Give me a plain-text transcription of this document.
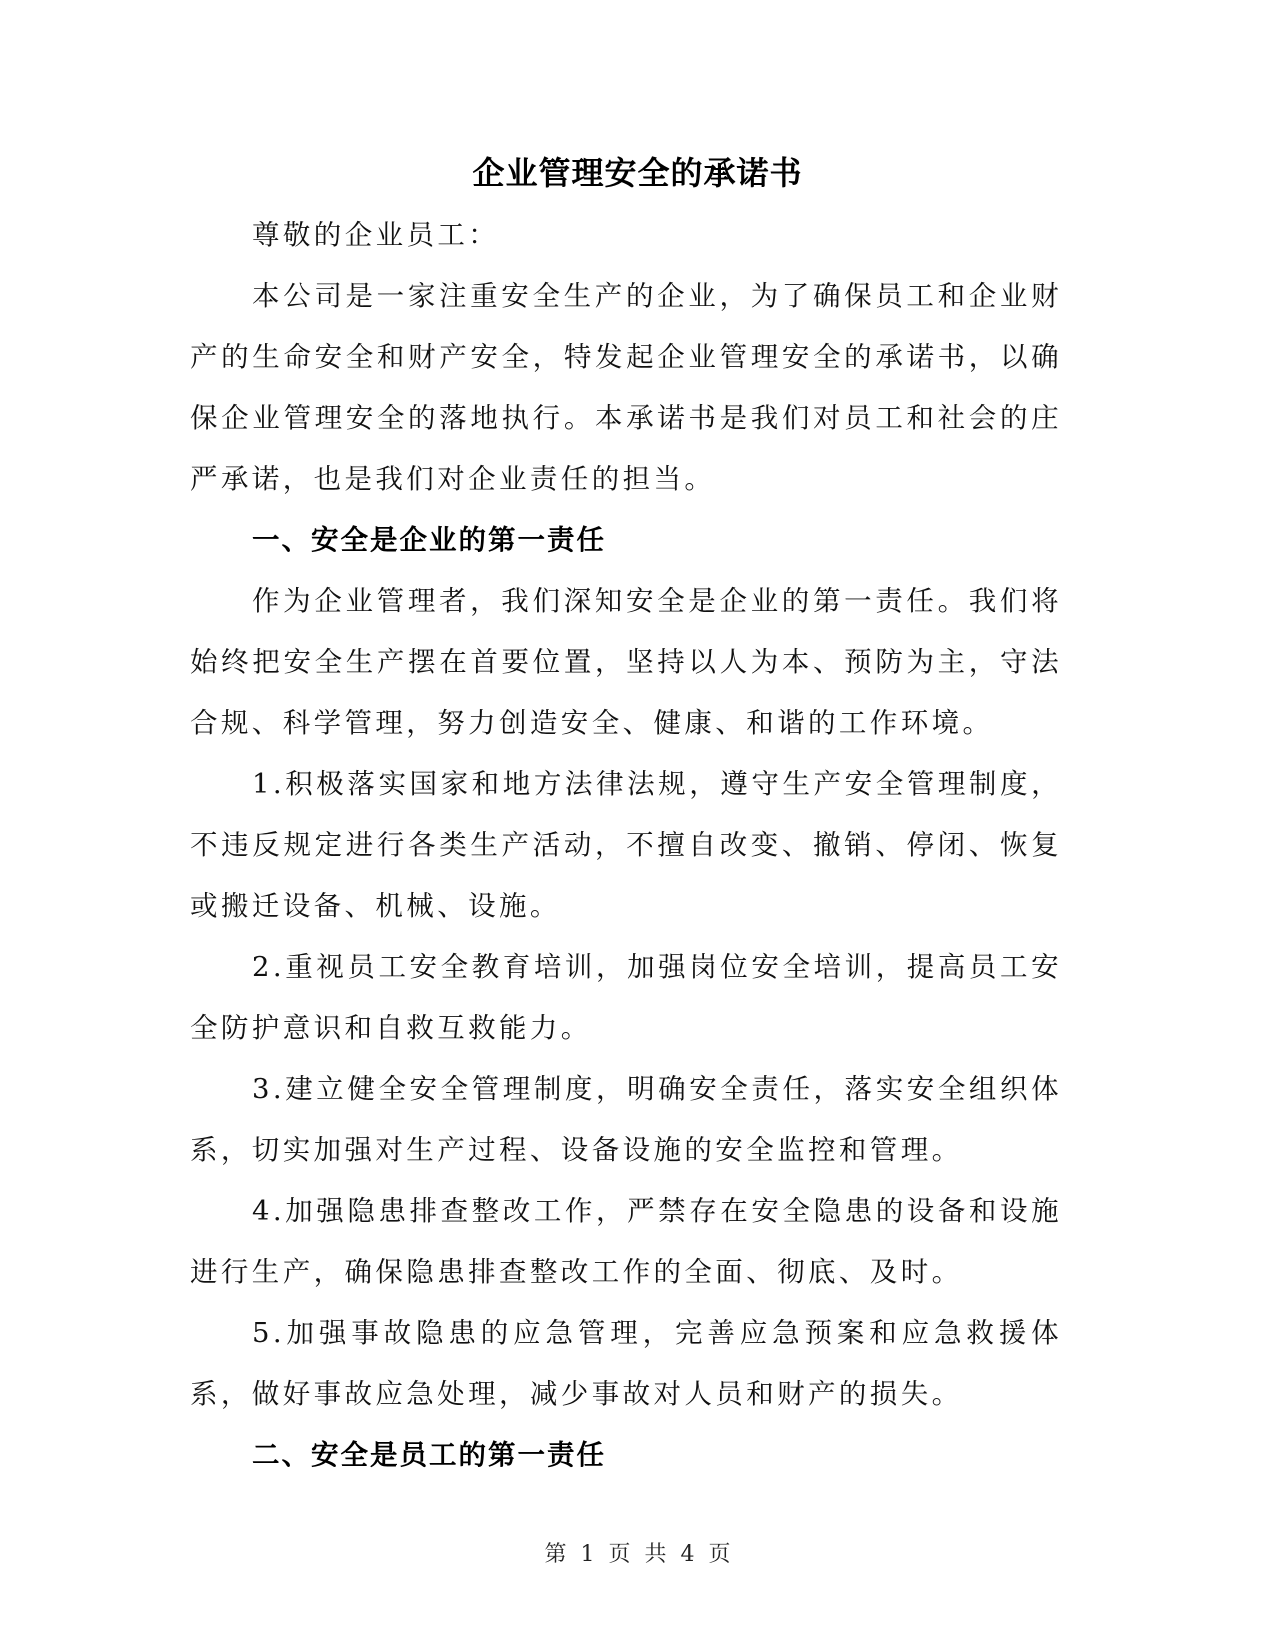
企业管理安全的承诺书

尊敬的企业员工：

本公司是一家注重安全生产的企业，为了确保员工和企业财产的生命安全和财产安全，特发起企业管理安全的承诺书，以确保企业管理安全的落地执行。本承诺书是我们对员工和社会的庄严承诺，也是我们对企业责任的担当。

一、安全是企业的第一责任

作为企业管理者，我们深知安全是企业的第一责任。我们将始终把安全生产摆在首要位置，坚持以人为本、预防为主，守法合规、科学管理，努力创造安全、健康、和谐的工作环境。

1.积极落实国家和地方法律法规，遵守生产安全管理制度，不违反规定进行各类生产活动，不擅自改变、撤销、停闭、恢复或搬迁设备、机械、设施。

2.重视员工安全教育培训，加强岗位安全培训，提高员工安全防护意识和自救互救能力。

3.建立健全安全管理制度，明确安全责任，落实安全组织体系，切实加强对生产过程、设备设施的安全监控和管理。

4.加强隐患排查整改工作，严禁存在安全隐患的设备和设施进行生产，确保隐患排查整改工作的全面、彻底、及时。

5.加强事故隐患的应急管理，完善应急预案和应急救援体系，做好事故应急处理，减少事故对人员和财产的损失。

二、安全是员工的第一责任

第 1 页 共 4 页
